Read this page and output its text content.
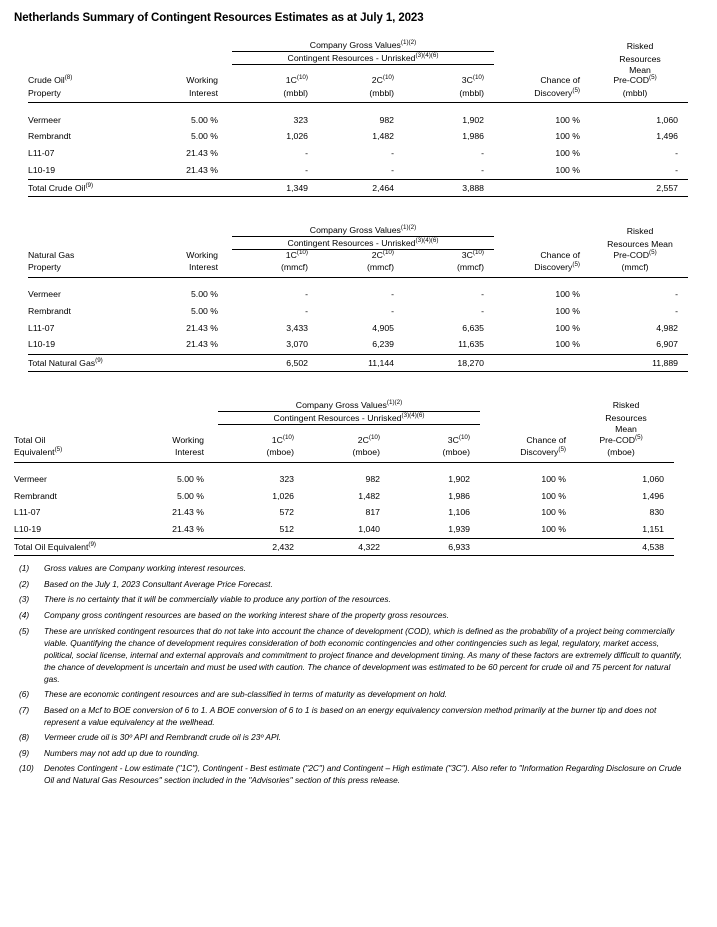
Netherlands Summary of Contingent Resources Estimates as at July 1, 2023
		Company Gross Values$^{(1)(2)}$				Risked
		Contingent Resources - Unrisked$^{(3)(4)(6)}$				Resources
						Mean
Crude Oil$^{(8)}$	Working	$1C^{(10)}$	$2C^{(10)}$	$3C^{(10)}$	Chance of	Pre-COD$^{(5)}$
Property	Interest	(mbbl)	(mbbl)	(mbbl)	Discovery$^{(5)}$	(mbbl)

Vermeer	5.00 %	323	982	1,902	100 %	1,060
Rembrandt	5.00 %	1,026	1,482	1,986	100 %	1,496
L11-07	21.43 %	-	-	-	100 %	-
L10-19	21.43 %	-	-	-	100 %	-
Total Crude Oil$^{(9)}$		1,349	2,464	3,888		2,557
		Company Gross Values$^{(1)(2)}$				Risked
		Contingent Resources - Unrisked$^{(3)(4)(6)}$				Resources Mean
Natural Gas	Working	$1C^{(10)}$	$2C^{(10)}$	$3C^{(10)}$	Chance of	Pre-COD$^{(5)}$
Property	Interest	(mmcf)	(mmcf)	(mmcf)	Discovery$^{(5)}$	(mmcf)

Vermeer	5.00 %	-	-	-	100 %	-
Rembrandt	5.00 %	-	-	-	100 %	-
L11-07	21.43 %	3,433	4,905	6,635	100 %	4,982
L10-19	21.43 %	3,070	6,239	11,635	100 %	6,907
Total Natural Gas$^{(9)}$		6,502	11,144	18,270		11,889
		Company Gross Values$^{(1)(2)}$				Risked
		Contingent Resources - Unrisked$^{(3)(4)(6)}$				Resources
						Mean
Total Oil	Working	$1C^{(10)}$	$2C^{(10)}$	$3C^{(10)}$	Chance of	Pre-COD$^{(5)}$
Equivalent$^{(5)}$	Interest	(mboe)	(mboe)	(mboe)	Discovery$^{(5)}$	(mboe)

Vermeer	5.00 %	323	982	1,902	100 %	1,060
Rembrandt	5.00 %	1,026	1,482	1,986	100 %	1,496
L11-07	21.43 %	572	817	1,106	100 %	830
L10-19	21.43 %	512	1,040	1,939	100 %	1,151
Total Oil Equivalent$^{(9)}$		2,432	4,322	6,933		4,538
(1)	Gross values are Company working interest resources.
(2)	Based on the July 1, 2023 Consultant Average Price Forecast.
(3)	There is no certainty that it will be commercially viable to produce any portion of the resources.
(4)	Company gross contingent resources are based on the working interest share of the property gross resources.
(5)	These are unrisked contingent resources that do not take into account the chance of development (COD), which is defined as the probability of a project being commercially viable. Quantifying the chance of development requires consideration of both economic contingencies and other contingencies such as legal, regulatory, market access, political, social license, internal and external approvals and commitment to project finance and development timing. As many of these factors are extremely difficult to quantify, the chance of development is uncertain and must be used with caution. The chance of development was estimated to be 60 percent for crude oil and 75 percent for natural gas.
(6)	These are economic contingent resources and are sub-classified in terms of maturity as development on hold.
(7)	Based on a Mcf to BOE conversion of 6 to 1. A BOE conversion of 6 to 1 is based on an energy equivalency conversion method primarily at the burner tip and does not represent a value equivalency at the wellhead.
(8)	Vermeer crude oil is 30º API and Rembrandt crude oil is 23º API.
(9)	Numbers may not add up due to rounding.
(10)	Denotes Contingent - Low estimate ("1C"), Contingent - Best estimate ("2C") and Contingent – High estimate ("3C"). Also refer to "Information Regarding Disclosure on Crude Oil and Natural Gas Resources" section included in the "Advisories" section of this press release.
